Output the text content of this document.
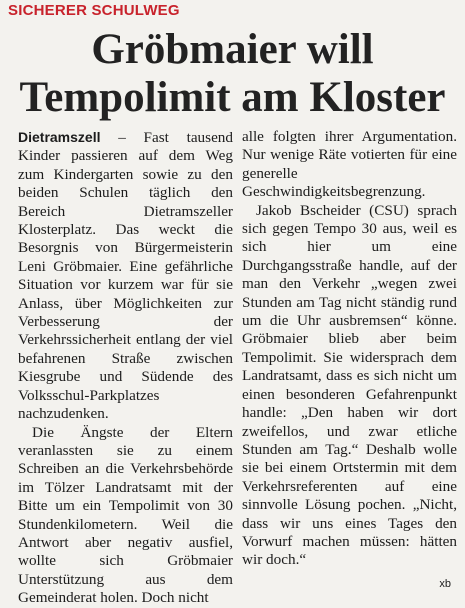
SICHERER SCHULWEG
Gröbmaier will
Tempolimit am Kloster

Dietramszell – Fast tausend Kinder passieren auf dem Weg zum Kindergarten sowie zu den beiden Schulen täglich den Bereich Dietramszeller Klosterplatz. Das weckt die Besorgnis von Bürgermeisterin Leni Gröbmaier. Eine gefährliche Situation vor kurzem war für sie Anlass, über Möglichkeiten zur Verbesserung der Verkehrssicherheit entlang der viel befahrenen Straße zwischen Kiesgrube und Südende des Volksschul-Parkplatzes nachzudenken.

Die Ängste der Eltern veranlassten sie zu einem Schreiben an die Verkehrsbehörde im Tölzer Landratsamt mit der Bitte um ein Tempolimit von 30 Stundenkilometern. Weil die Antwort aber negativ ausfiel, wollte sich Gröbmaier Unterstützung aus dem Gemeinderat holen. Doch nicht

alle folgten ihrer Argumentation. Nur wenige Räte votierten für eine generelle Geschwindigkeitsbegrenzung.

Jakob Bscheider (CSU) sprach sich gegen Tempo 30 aus, weil es sich hier um eine Durchgangsstraße handle, auf der man den Verkehr „wegen zwei Stunden am Tag nicht ständig rund um die Uhr ausbremsen“ könne. Gröbmaier blieb aber beim Tempolimit. Sie widersprach dem Landratsamt, dass es sich nicht um einen besonderen Gefahrenpunkt handle: „Den haben wir dort zweifellos, und zwar etliche Stunden am Tag.“ Deshalb wolle sie bei einem Ortstermin mit dem Verkehrsreferenten auf eine sinnvolle Lösung pochen. „Nicht, dass wir uns eines Tages den Vorwurf machen müssen: hätten wir doch.“

xb
